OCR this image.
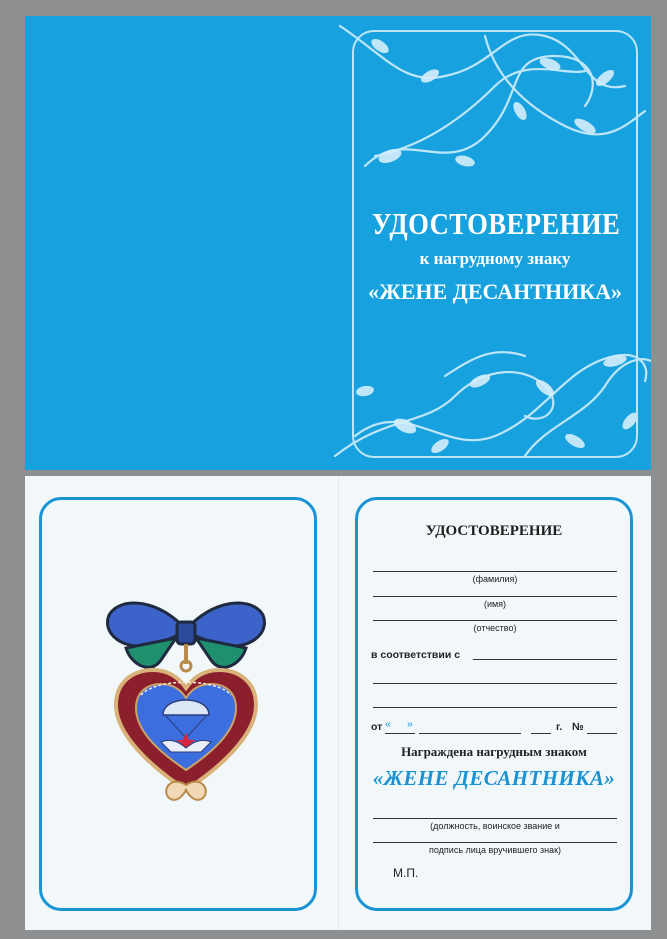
УДОСТОВЕРЕНИЕ
к нагрудному знаку
«ЖЕНЕ ДЕСАНТНИКА»
УДОСТОВЕРЕНИЕ
(фамилия)
(имя)
(отчество)
в соответствии с
от « »	г. №
Награждена нагрудным знаком
«ЖЕНЕ ДЕСАНТНИКА»
(должность, воинское звание и
подпись лица вручившего знак)
М.П.
